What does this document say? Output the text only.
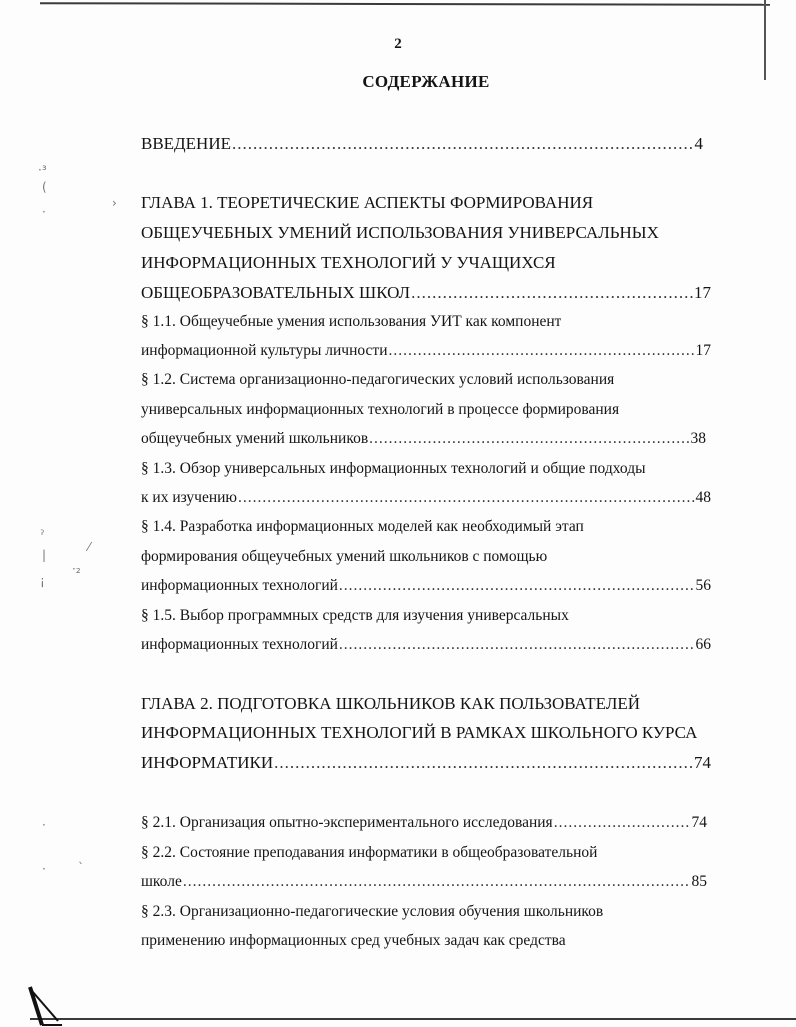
·³
(
·
›
ˀ
|
¡
⁄
·₂
·
ˎ
·
2
СОДЕРЖАНИЕ
ВВЕДЕНИЕ .....	4
ГЛАВА 1. ТЕОРЕТИЧЕСКИЕ АСПЕКТЫ ФОРМИРОВАНИЯ
ОБЩЕУЧЕБНЫХ УМЕНИЙ ИСПОЛЬЗОВАНИЯ УНИВЕРСАЛЬНЫХ
ИНФОРМАЦИОННЫХ ТЕХНОЛОГИЙ У УЧАЩИХСЯ
ОБЩЕОБРАЗОВАТЕЛЬНЫХ ШКОЛ .....	17
§ 1.1. Общеучебные умения использования УИТ как компонент
информационной культуры личности .....	17
§ 1.2. Система организационно-педагогических условий использования
универсальных информационных технологий в процессе формирования
общеучебных умений школьников .....	38
§ 1.3. Обзор универсальных информационных технологий и общие подходы
к их изучению .....	48
§ 1.4. Разработка информационных моделей как необходимый этап
формирования общеучебных умений школьников с помощью
информационных технологий .....	56
§ 1.5. Выбор программных средств для изучения универсальных
информационных технологий .....	66
ГЛАВА 2. ПОДГОТОВКА ШКОЛЬНИКОВ КАК ПОЛЬЗОВАТЕЛЕЙ
ИНФОРМАЦИОННЫХ ТЕХНОЛОГИЙ В РАМКАХ ШКОЛЬНОГО КУРСА
ИНФОРМАТИКИ .....	74
§ 2.1. Организация опытно-экспериментального исследования .....	74
§ 2.2. Состояние преподавания информатики в общеобразовательной
школе .....	85
§ 2.3. Организационно-педагогические условия обучения школьников
применению информационных сред учебных задач как средства
